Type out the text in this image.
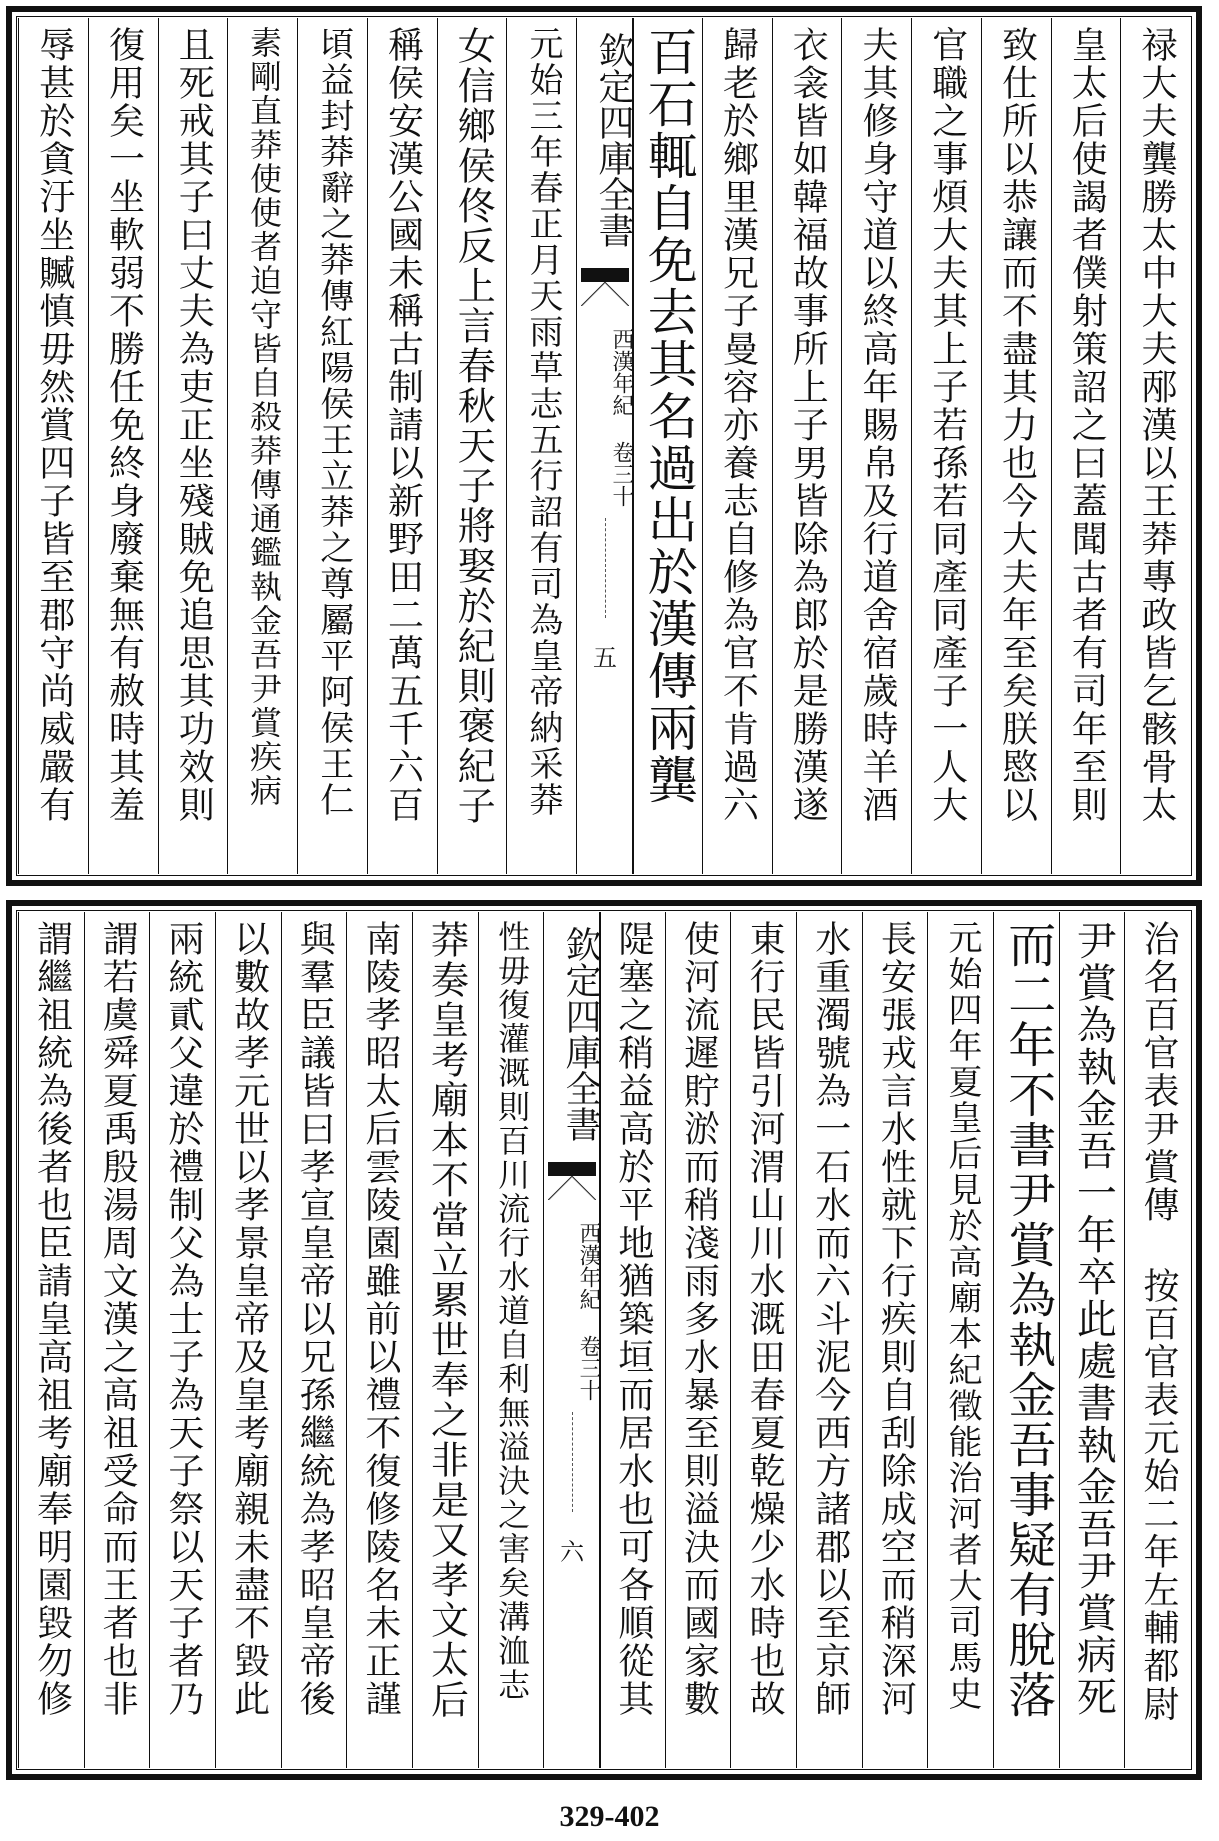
禄大夫龔勝太中大夫邴漢以王莽專政皆乞骸骨太
皇太后使謁者僕射策詔之曰蓋聞古者有司年至則
致仕所以恭讓而不盡其力也今大夫年至矣朕愍以
官職之事煩大夫其上子若孫若同產同產子一人大
夫其修身守道以終高年賜帛及行道舍宿歲時羊酒
衣衾皆如韓福故事所上子男皆除為郎於是勝漢遂
歸老於鄉里漢兄子曼容亦養志自修為官不肯過六
百石輒自免去其名過出於漢傳兩龔
欽定四庫全書
西漢年紀 卷三十
五
元始三年春正月天雨草志五行詔有司為皇帝納采莽
女信鄉侯佟反上言春秋天子將娶於紀則褒紀子
稱侯安漢公國未稱古制請以新野田二萬五千六百
頃益封莽辭之莽傳紅陽侯王立莽之尊屬平阿侯王仁
素剛直莽使使者迫守皆自殺莽傳通鑑執金吾尹賞疾病
且死戒其子曰丈夫為吏正坐殘賊免追思其功效則
復用矣一坐軟弱不勝任免終身廢棄無有赦時其羞
辱甚於貪汙坐贓慎毋然賞四子皆至郡守尚威嚴有
治名百官表尹賞傳 按百官表元始二年左輔都尉
尹賞為執金吾一年卒此處書執金吾尹賞病死
而二年不書尹賞為執金吾事疑有脫落
元始四年夏皇后見於高廟本紀徵能治河者大司馬史
長安張戎言水性就下行疾則自刮除成空而稍深河
水重濁號為一石水而六斗泥今西方諸郡以至京師
東行民皆引河渭山川水溉田春夏乾燥少水時也故
使河流遲貯淤而稍淺雨多水暴至則溢決而國家數
隄塞之稍益高於平地猶築垣而居水也可各順從其
欽定四庫全書
西漢年紀 卷三十
六
性毋復灌溉則百川流行水道自利無溢決之害矣溝洫志
莽奏皇考廟本不當立累世奉之非是又孝文太后
南陵孝昭太后雲陵園雖前以禮不復修陵名未正謹
與羣臣議皆曰孝宣皇帝以兄孫繼統為孝昭皇帝後
以數故孝元世以孝景皇帝及皇考廟親未盡不毀此
兩統貳父違於禮制父為士子為天子祭以天子者乃
謂若虞舜夏禹殷湯周文漢之高祖受命而王者也非
謂繼祖統為後者也臣請皇高祖考廟奉明園毀勿修
329-402
